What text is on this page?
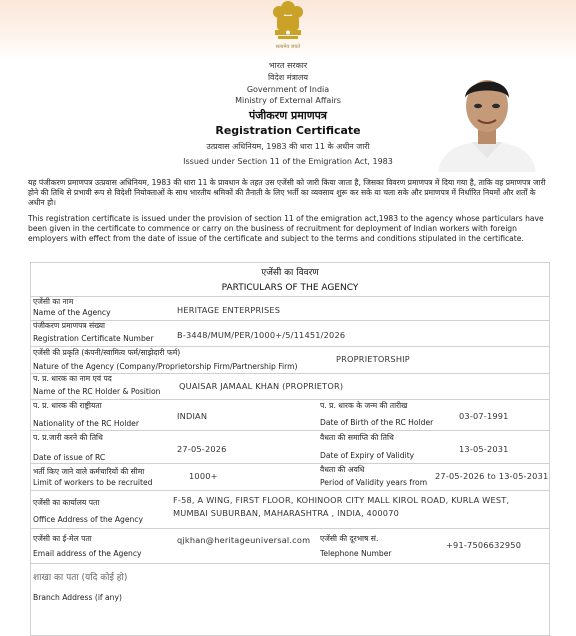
सत्यमेव जयते
भारत सरकार
विदेश मंत्रालय
Government of India
Ministry of External Affairs
पंजीकरण प्रमाणपत्र
Registration Certificate
उत्प्रवास अधिनियम, 1983 की धारा 11 के अधीन जारी
Issued under Section 11 of the Emigration Act, 1983
यह पंजीकरण प्रमाणपत्र उत्प्रवास अधिनियम, 1983 की धारा 11 के प्रावधान के तहत उस एजेंसी को जारी किया जाता है, जिसका विवरण प्रमाणपत्र में दिया गया है, ताकि वह प्रमाणपत्र जारी होने की तिथि से प्रभावी रूप से विदेशी नियोक्ताओं के साथ भारतीय श्रमिकों की तैनाती के लिए भर्ती का व्यवसाय शुरू कर सके या चला सके और प्रमाणपत्र में निर्धारित नियमों और शर्तों के अधीन हो।
This registration certificate is issued under the provision of section 11 of the emigration act,1983 to the agency whose particulars have been given in the certificate to commence or carry on the business of recruitment for deployment of Indian workers with foreign employers with effect from the date of issue of the certificate and subject to the terms and conditions stipulated in the certificate.
एजेंसी का विवरण
PARTICULARS OF THE AGENCY
एजेंसी का नाम
Name of the Agency	HERITAGE ENTERPRISES
पंजीकरण प्रमाणपत्र संख्या
Registration Certificate Number	B-3448/MUM/PER/1000+/5/11451/2026
एजेंसी की प्रकृति (कंपनी/स्वामित्व फर्म/साझेदारी फर्म)
Nature of the Agency (Company/Proprietorship Firm/Partnership Firm)
PROPRIETORSHIP
प. प्र. धारक का नाम एवं पद
Name of the RC Holder & Position
QUAISAR JAMAAL KHAN (PROPRIETOR)
प. प्र. धारक की राष्ट्रीयता
Nationality of the RC Holder
INDIAN
प. प्र. धारक के जन्म की तारीख
Date of Birth of the RC Holder
03-07-1991
प. प्र.जारी करने की तिथि
Date of issue of RC
27-05-2026
वैधता की समाप्ति की तिथि
Date of Expiry of Validity
13-05-2031
भर्ती किए जाने वाले कर्मचारियों की सीमा
Limit of workers to be recruited
1000+
वैधता की अवधि
Period of Validity years from
27-05-2026 to 13-05-2031
एजेंसी का कार्यालय पता
Office Address of the Agency
F-58, A WING, FIRST FLOOR, KOHINOOR CITY MALL KIROL ROAD, KURLA WEST,
MUMBAI SUBURBAN, MAHARASHTRA , INDIA, 400070
एजेंसी का ई-मेल पता
Email address of the Agency
qjkhan@heritageuniversal.com एजेंसी की दूरभाष सं.
Telephone Number
+91-7506632950
शाखा का पता (यदि कोई हो)
Branch Address (if any)
